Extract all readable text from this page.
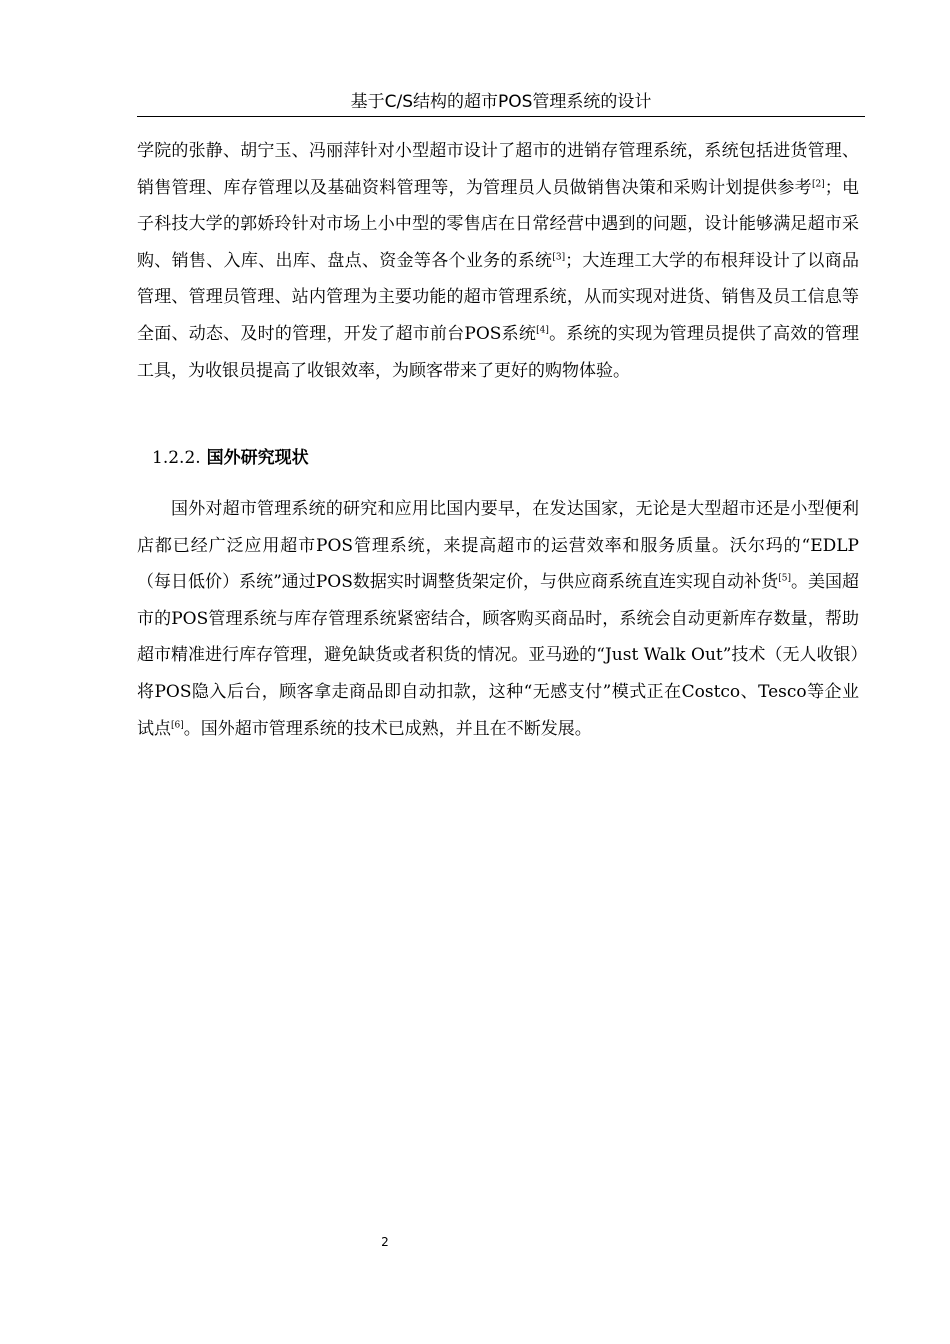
基于C/S结构的超市POS管理系统的设计

学院的张静、胡宁玉、冯丽萍针对小型超市设计了超市的进销存管理系统，系统包括进货管理、销售管理、库存管理以及基础资料管理等，为管理员人员做销售决策和采购计划提供参考[2]；电子科技大学的郭娇玲针对市场上小中型的零售店在日常经营中遇到的问题，设计能够满足超市采购、销售、入库、出库、盘点、资金等各个业务的系统[3]；大连理工大学的布根拜设计了以商品管理、管理员管理、站内管理为主要功能的超市管理系统，从而实现对进货、销售及员工信息等全面、动态、及时的管理，开发了超市前台POS系统[4]。系统的实现为管理员提供了高效的管理工具，为收银员提高了收银效率，为顾客带来了更好的购物体验。

1.2.2. 国外研究现状

国外对超市管理系统的研究和应用比国内要早，在发达国家，无论是大型超市还是小型便利店都已经广泛应用超市POS管理系统，来提高超市的运营效率和服务质量。沃尔玛的“EDLP（每日低价）系统”通过POS数据实时调整货架定价，与供应商系统直连实现自动补货[5]。美国超市的POS管理系统与库存管理系统紧密结合，顾客购买商品时，系统会自动更新库存数量，帮助超市精准进行库存管理，避免缺货或者积货的情况。亚马逊的“Just Walk Out”技术（无人收银）将POS隐入后台，顾客拿走商品即自动扣款，这种“无感支付”模式正在Costco、Tesco等企业试点[6]。国外超市管理系统的技术已成熟，并且在不断发展。

2
